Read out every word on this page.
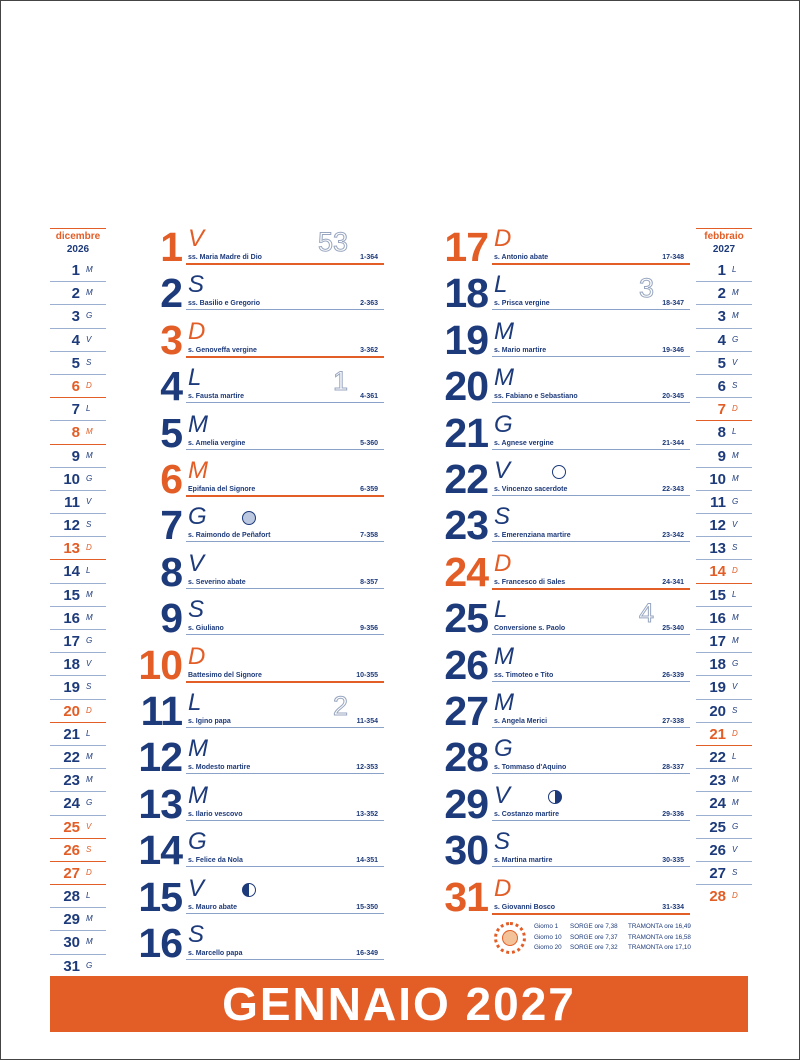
dicembre
2026
1 M
2 M
3 G
4 V
5 S
6 D
7 L
8 M
9 M
10 G
11 V
12 S
13 D
14 L
15 M
16 M
17 G
18 V
19 S
20 D
21 L
22 M
23 M
24 G
25 V
26 S
27 D
28 L
29 M
30 M
31 G
febbraio
2027
1 L
2 M
3 M
4 G
5 V
6 S
7 D
8 L
9 M
10 M
11 G
12 V
13 S
14 D
15 L
16 M
17 M
18 G
19 V
20 S
21 D
22 L
23 M
24 M
25 G
26 V
27 S
28 D
1 V
ss. Maria Madre di Dio	1-364
53
2 S
ss. Basilio e Gregorio	2-363
3 D
s. Genoveffa vergine	3-362
4 L
s. Fausta martire	4-361
1
5 M
s. Amelia vergine	5-360
6 M
Epifania del Signore	6-359
7 G
s. Raimondo de Peñafort	7-358
8 V
s. Severino abate	8-357
9 S
s. Giuliano	9-356
10 D
Battesimo del Signore	10-355
11 L
s. Igino papa	11-354
2
12 M
s. Modesto martire	12-353
13 M
s. Ilario vescovo	13-352
14 G
s. Felice da Nola	14-351
15 V
s. Mauro abate	15-350
16 S
s. Marcello papa	16-349
17 D
s. Antonio abate	17-348
18 L
s. Prisca vergine	18-347
3
19 M
s. Mario martire	19-346
20 M
ss. Fabiano e Sebastiano	20-345
21 G
s. Agnese vergine	21-344
22 V
s. Vincenzo sacerdote	22-343
23 S
s. Emerenziana martire	23-342
24 D
s. Francesco di Sales	24-341
25 L
Conversione s. Paolo	25-340
4
26 M
ss. Timoteo e Tito	26-339
27 M
s. Angela Merici	27-338
28 G
s. Tommaso d'Aquino	28-337
29 V
s. Costanzo martire	29-336
30 S
s. Martina martire	30-335
31 D
s. Giovanni Bosco	31-334
Giorno 1 SORGE ore 7,38 TRAMONTA ore 16,49
Giorno 10 SORGE ore 7,37 TRAMONTA ore 16,58
Giorno 20 SORGE ore 7,32 TRAMONTA ore 17,10
GENNAIO 2027
